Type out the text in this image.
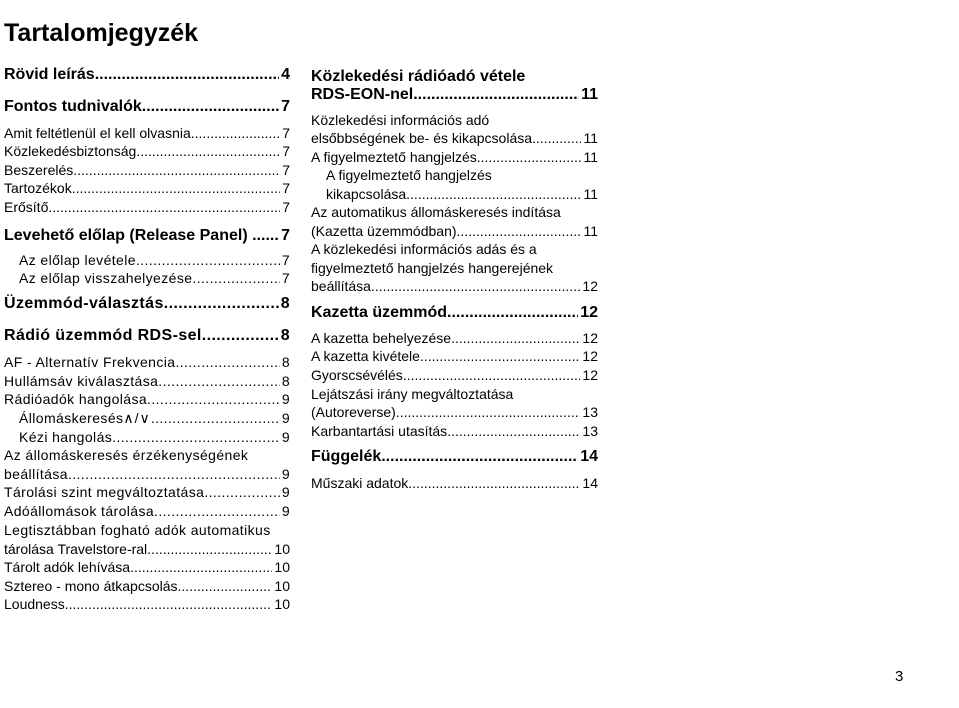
Tartalomjegyzék
Rövid leírás .....	4
Fontos tudnivalók .....	7
Amit feltétlenül el kell olvasnia .....	7
Közlekedésbiztonság .....	7
Beszerelés .....	7
Tartozékok .....	7
Erősítő .....	7
Levehető előlap (Release Panel) . ..... 7
Az előlap levétele .....	7
Az előlap visszahelyezése .....	7
Üzemmód-választás .....	8
Rádió üzemmód RDS-sel .....	8
AF - Alternatív Frekvencia .....	8
Hullámsáv kiválasztása .....	8
Rádióadók hangolása .....	9
Állomáskeresés ∧/∨ .....	9
Kézi hangolás .....	9
Az állomáskeresés érzékenységének
beállítása .....	9
Tárolási szint megváltoztatása .....	9
Adóállomások tárolása .....	9
Legtisztábban fogható adók automatikus
tárolása Travelstore-ral .....	10
Tárolt adók lehívása .....	10
Sztereo - mono átkapcsolás .....	10
Loudness .....	10
Közlekedési rádióadó vétele
RDS-EON-nel .....	11
Közlekedési információs adó
elsőbbségének be- és kikapcsolása .....	11
A figyelmeztető hangjelzés .....	11
A figyelmeztető hangjelzés
kikapcsolása .....	11
Az automatikus állomáskeresés indítása
(Kazetta üzemmódban) .....	11
A közlekedési információs adás és a
figyelmeztető hangjelzés hangerejének
beállítása .....	12
Kazetta üzemmód .....	12
A kazetta behelyezése .....	12
A kazetta kivétele .....	12
Gyorscsévélés .....	12
Lejátszási irány megváltoztatása
(Autoreverse) .....	13
Karbantartási utasítás .....	13
Függelék .....	14
Műszaki adatok .....	14
3
